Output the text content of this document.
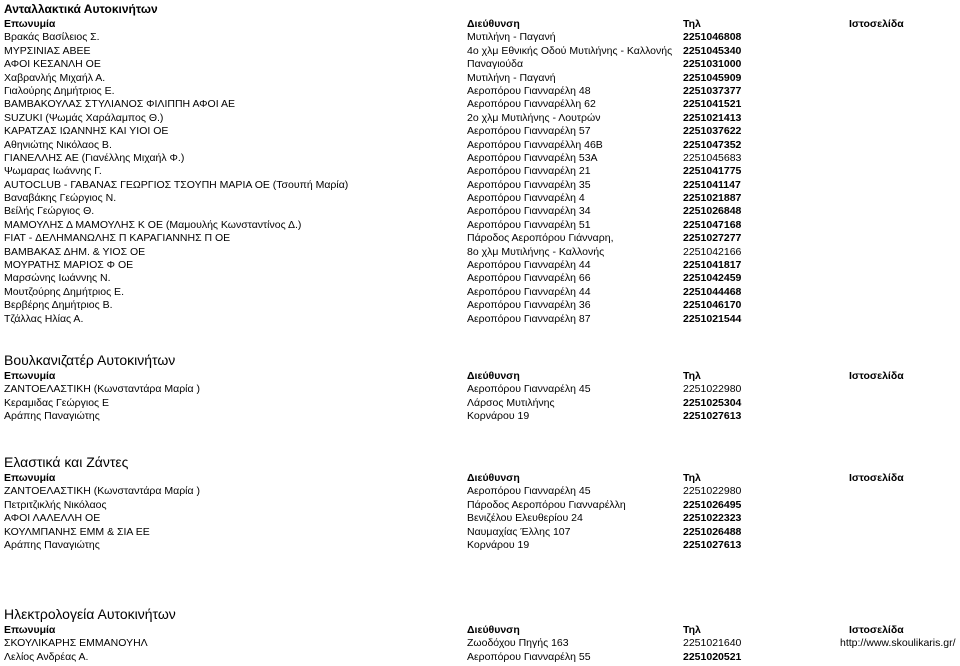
Ανταλλακτικά Αυτοκινήτων
Επωνυμία	Διεύθυνση	Τηλ	Ιστοσελίδα
Βρακάς Βασίλειος Σ.	Μυτιλήνη - Παγανή	2251046808
ΜΥΡΣΙΝΙΑΣ ΑΒΕΕ	4ο χλμ Εθνικής Οδού Μυτιλήνης - Καλλονής 2251045340
ΑΦΟΙ ΚΕΣΑΝΛΗ ΟΕ	Παναγιούδα	2251031000
Χαβρανλής Μιχαήλ Α.	Μυτιλήνη - Παγανή	2251045909
Γιαλούρης Δημήτριος Ε.	Αεροπόρου Γιανναρέλη 48	2251037377
ΒΑΜΒΑΚΟΥΛΑΣ ΣΤΥΛΙΑΝΟΣ ΦΙΛΙΠΠΗ ΑΦΟΙ ΑΕ	Αεροπόρου Γιανναρέλλη 62	2251041521
SUZUKI (Ψωμάς Χαράλαμπος Θ.)	2ο χλμ Μυτιλήνης - Λουτρών	2251021413
ΚΑΡΑΤΖΑΣ ΙΩΑΝΝΗΣ ΚΑΙ ΥΙΟΙ ΟΕ	Αεροπόρου Γιανναρέλη 57	2251037622
Αθηνιώτης Νικόλαος Β.	Αεροπόρου Γιανναρέλλη 46Β	2251047352
ΓΙΑΝΕΛΛΗΣ ΑΕ (Γιανέλλης Μιχαήλ Φ.)	Αεροπόρου Γιανναρέλη 53Α	2251045683
Ψωμαρας Ιωάννης Γ.	Αεροπόρου Γιανναρέλη 21	2251041775
AUTOCLUB - ΓΑΒΑΝΑΣ ΓΕΩΡΓΙΟΣ ΤΣΟΥΠΗ ΜΑΡΙΑ ΟΕ (Τσουπή Μαρία)	Αεροπόρου Γιανναρέλη 35	2251041147
Βαναβάκης Γεώργιος Ν.	Αεροπόρου Γιανναρέλη 4	2251021887
Βείλής Γεώργιος Θ.	Αεροπόρου Γιανναρέλη 34	2251026848
ΜΑΜΟΥΛΗΣ Δ ΜΑΜΟΥΛΗΣ Κ ΟΕ (Μαμουλής Κωνσταντίνος Δ.)	Αεροπόρου Γιανναρέλη 51	2251047168
FIAT - ΔΕΛΗΜΑΝΩΛΗΣ Π ΚΑΡΑΓΙΑΝΝΗΣ Π ΟΕ	Πάροδος Αεροπόρου Γιάνναρη,	2251027277
ΒΑΜΒΑΚΑΣ ΔΗΜ. & ΥΙΟΣ ΟΕ	8ο χλμ Μυτιλήνης - Καλλονής	2251042166
ΜΟΥΡΑΤΗΣ ΜΑΡΙΟΣ Φ ΟΕ	Αεροπόρου Γιανναρέλη 44	2251041817
Μαρσώνης Ιωάννης Ν.	Αεροπόρου Γιανναρέλη 66	2251042459
Μουτζούρης Δημήτριος Ε.	Αεροπόρου Γιανναρέλη 44	2251044468
Βερβέρης Δημήτριος Β.	Αεροπόρου Γιανναρέλη 36	2251046170
Τζάλλας Ηλίας Α.	Αεροπόρου Γιανναρέλη 87	2251021544
Βουλκανιζατέρ Αυτοκινήτων
Επωνυμία	Διεύθυνση	Τηλ	Ιστοσελίδα
ΖΑΝΤΟΕΛΑΣΤΙΚΗ (Κωνσταντάρα Μαρία )	Αεροπόρου Γιανναρέλη 45	2251022980
Κεραμιδας Γεώργιος Ε	Λάρσος Μυτιλήνης	2251025304
Αράπης Παναγιώτης	Κορνάρου 19	2251027613
Ελαστικά και Ζάντες
Επωνυμία	Διεύθυνση	Τηλ	Ιστοσελίδα
ΖΑΝΤΟΕΛΑΣΤΙΚΗ (Κωνσταντάρα Μαρία )	Αεροπόρου Γιανναρέλη 45	2251022980
Πετριτζικλής Νικόλαος	Πάροδος Αεροπόρου Γιανναρέλλη	2251026495
ΑΦΟΙ ΛΑΛΕΛΛΗ ΟΕ	Βενιζέλου Ελευθερίου 24	2251022323
ΚΟΥΛΜΠΑΝΗΣ ΕΜΜ & ΣΙΑ ΕΕ	Ναυμαχίας Έλλης 107	2251026488
Αράπης Παναγιώτης	Κορνάρου 19	2251027613
Ηλεκτρολογεία Αυτοκινήτων
Επωνυμία	Διεύθυνση	Τηλ	Ιστοσελίδα
ΣΚΟΥΛΙΚΑΡΗΣ ΕΜΜΑΝΟΥΗΛ	Ζωοδόχου Πηγής 163	2251021640	http://www.skoulikaris.gr/
Λελίος Ανδρέας Α.	Αεροπόρου Γιανναρέλη 55	2251020521
